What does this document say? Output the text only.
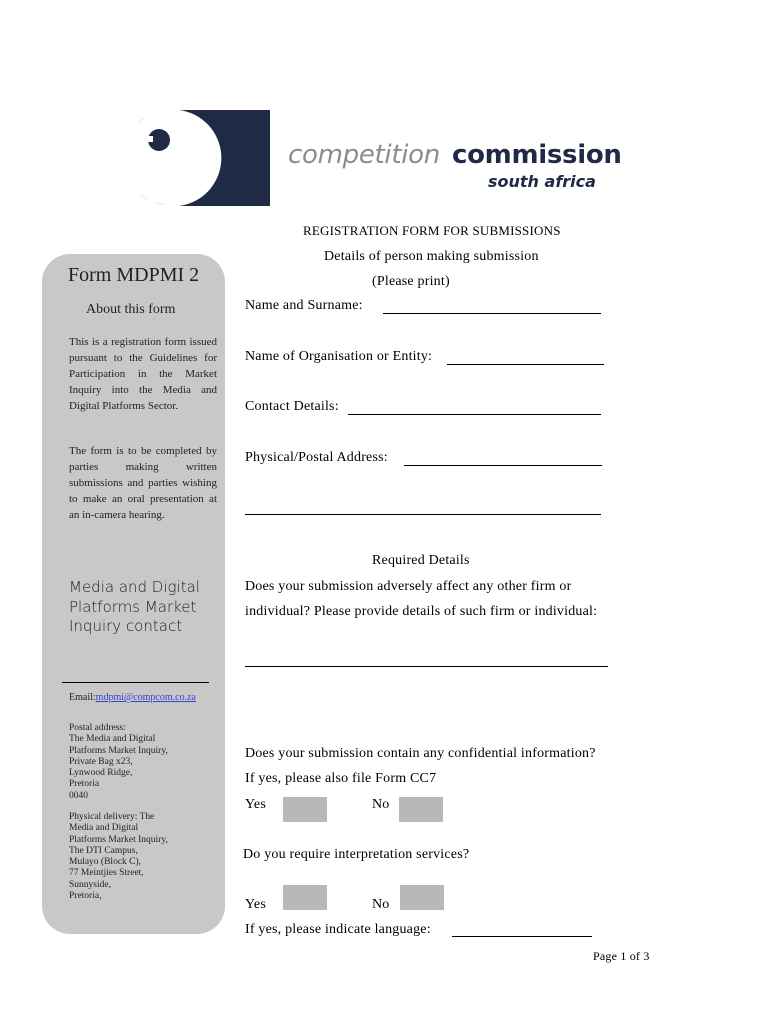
competition commission
south africa
Form MDPMI 2
About this form
This is a registration form issued pursuant to the Guidelines for Participation in the Market Inquiry into the Media and Digital Platforms Sector.
The form is to be completed by parties making written submissions and parties wishing to make an oral presentation at an in-camera hearing.
Media and Digital Platforms Market Inquiry contact
Email:mdpmi@compcom.co.za
Postal address:
The Media and Digital
Platforms Market Inquiry,
Private Bag x23,
Lynwood Ridge,
Pretoria
0040
Physical delivery: The
Media and Digital
Platforms Market Inquiry,
The DTI Campus,
Mulayo (Block C),
77 Meintjies Street,
Sunnyside,
Pretoria,
REGISTRATION FORM FOR SUBMISSIONS
Details of person making submission
(Please print)
Name and Surname:
Name of Organisation or Entity:
Contact Details:
Physical/Postal Address:
Required Details
Does your submission adversely affect any other firm or
individual? Please provide details of such firm or individual:
Does your submission contain any confidential information?
If yes, please also file Form CC7
Yes	No
Do you require interpretation services?
Yes	No
If yes, please indicate language:
Page 1 of 3
